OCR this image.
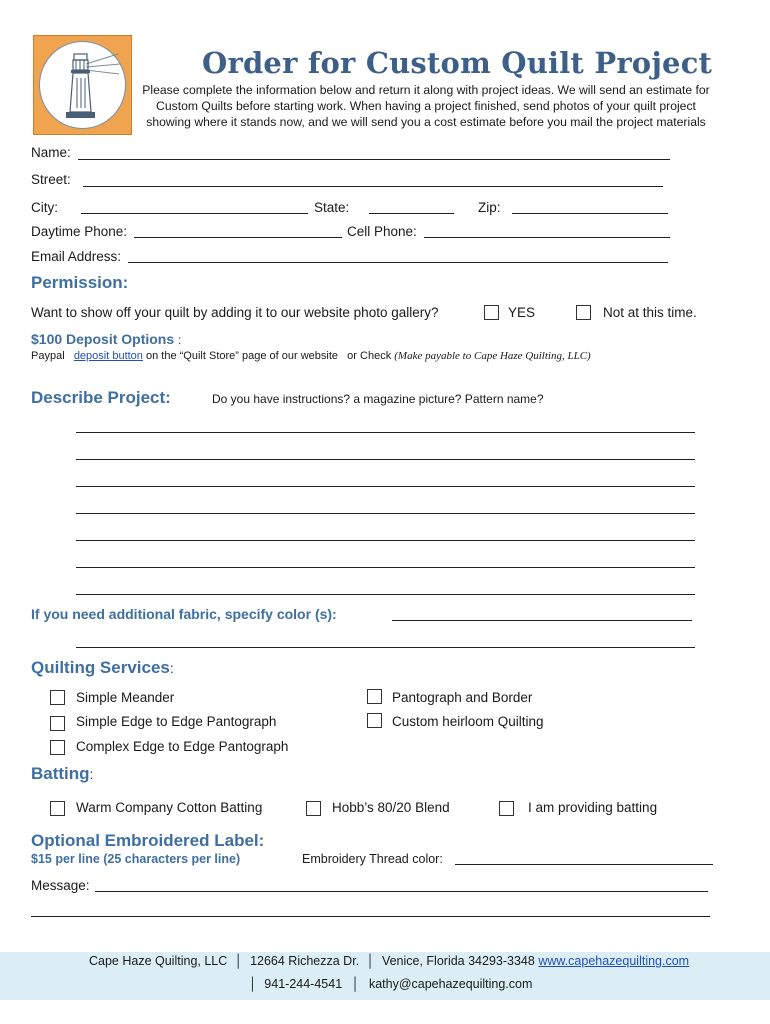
Order for Custom Quilt Project
Please complete the information below and return it along with project ideas. We will send an estimate for Custom Quilts before starting work. When having a project finished, send photos of your quilt project showing where it stands now, and we will send you a cost estimate before you mail the project materials
Name:
Street:
City:	State:	Zip:
Daytime Phone:	Cell Phone:
Email Address:
Permission:
Want to show off your quilt by adding it to our website photo gallery?	YES	Not at this time.
$100 Deposit Options :
Paypal deposit button on the “Quilt Store” page of our website or Check (Make payable to Cape Haze Quilting, LLC)
Describe Project:	Do you have instructions? a magazine picture? Pattern name?
If you need additional fabric, specify color (s):
Quilting Services:
Simple Meander	Pantograph and Border
Simple Edge to Edge Pantograph	Custom heirloom Quilting
Complex Edge to Edge Pantograph
Batting:
Warm Company Cotton Batting	Hobb’s 80/20 Blend	I am providing batting
Optional Embroidered Label:
$15 per line (25 characters per line)	Embroidery Thread color:
Message:
Cape Haze Quilting, LLC │ 12664 Richezza Dr. │ Venice, Florida 34293-3348 www.capehazequilting.com
│ 941-244-4541 │ kathy@capehazequilting.com
